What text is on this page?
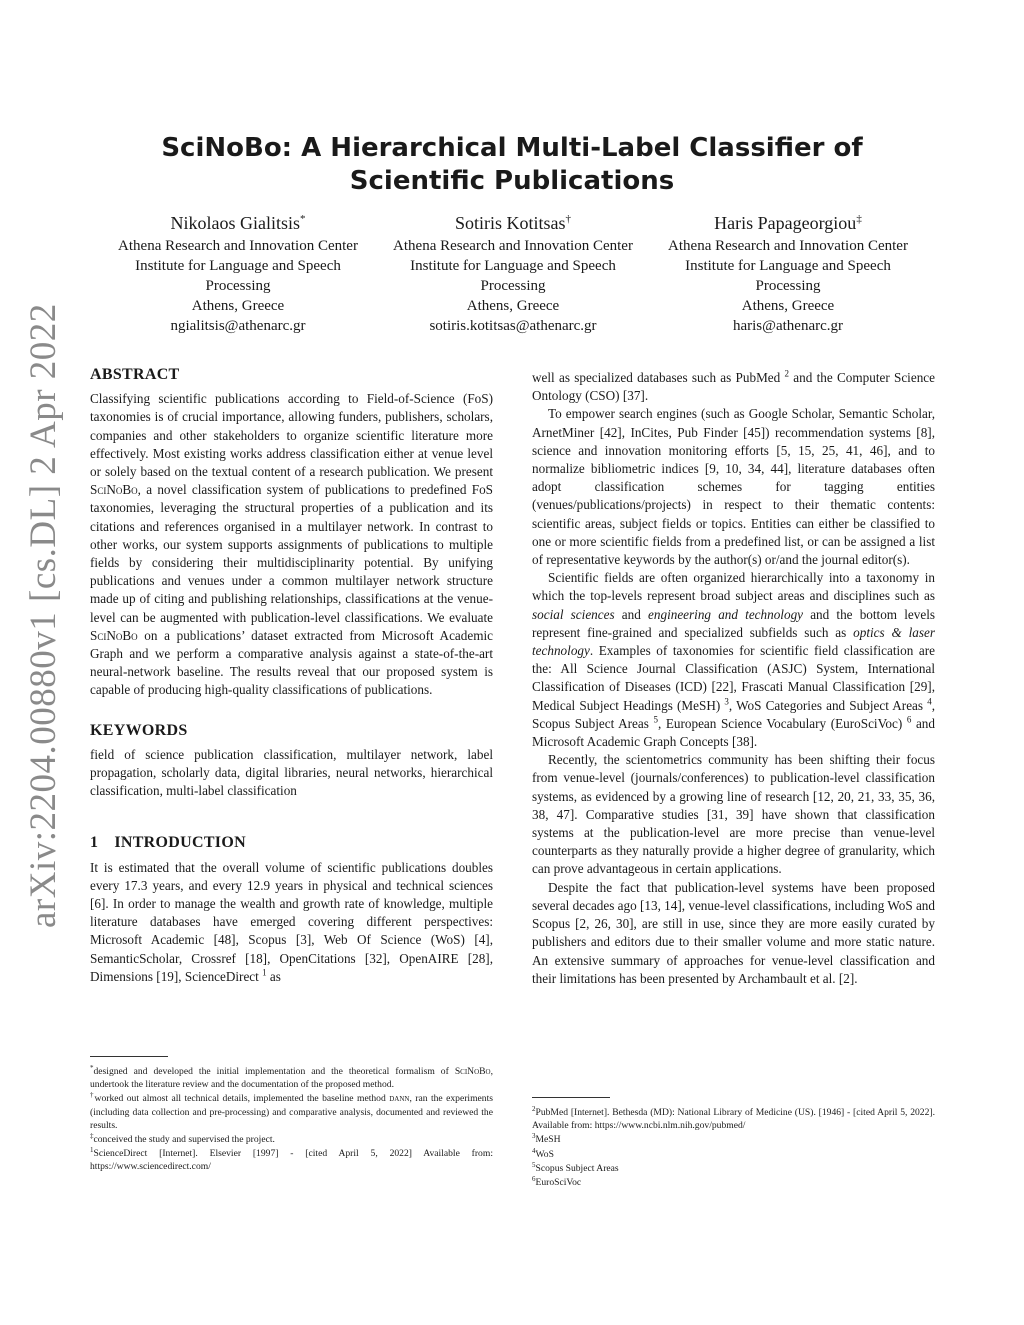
arXiv:2204.00880v1 [cs.DL] 2 Apr 2022
SciNoBo: A Hierarchical Multi-Label Classifier of Scientific Publications
Nikolaos Gialitsis*
Athena Research and Innovation Center
Institute for Language and Speech Processing
Athens, Greece
ngialitsis@athenarc.gr
Sotiris Kotitsas†
Athena Research and Innovation Center
Institute for Language and Speech Processing
Athens, Greece
sotiris.kotitsas@athenarc.gr
Haris Papageorgiou‡
Athena Research and Innovation Center
Institute for Language and Speech Processing
Athens, Greece
haris@athenarc.gr
ABSTRACT

Classifying scientific publications according to Field-of-Science (FoS) taxonomies is of crucial importance, allowing funders, publishers, scholars, companies and other stakeholders to organize scientific literature more effectively. Most existing works address classification either at venue level or solely based on the textual content of a research publication. We present SciNoBo, a novel classification system of publications to predefined FoS taxonomies, leveraging the structural properties of a publication and its citations and references organised in a multilayer network. In contrast to other works, our system supports assignments of publications to multiple fields by considering their multidisciplinarity potential. By unifying publications and venues under a common multilayer network structure made up of citing and publishing relationships, classifications at the venue-level can be augmented with publication-level classifications. We evaluate SciNoBo on a publications’ dataset extracted from Microsoft Academic Graph and we perform a comparative analysis against a state-of-the-art neural-network baseline. The results reveal that our proposed system is capable of producing high-quality classifications of publications.

KEYWORDS

field of science publication classification, multilayer network, label propagation, scholarly data, digital libraries, neural networks, hierarchical classification, multi-label classification

1 INTRODUCTION

It is estimated that the overall volume of scientific publications doubles every 17.3 years, and every 12.9 years in physical and technical sciences [6]. In order to manage the wealth and growth rate of knowledge, multiple literature databases have emerged covering different perspectives: Microsoft Academic [48], Scopus [3], Web Of Science (WoS) [4], SemanticScholar, Crossref [18], OpenCitations [32], OpenAIRE [28], Dimensions [19], ScienceDirect $^1$ as

*designed and developed the initial implementation and the theoretical formalism of SciNoBo, undertook the literature review and the documentation of the proposed method.

†worked out almost all technical details, implemented the baseline method dann, ran the experiments (including data collection and pre-processing) and comparative analysis, documented and reviewed the results.

‡conceived the study and supervised the project.

$^1$ScienceDirect [Internet]. Elsevier [1997] - [cited April 5, 2022] Available from: https://www.sciencedirect.com/

well as specialized databases such as PubMed $^2$ and the Computer Science Ontology (CSO) [37].

To empower search engines (such as Google Scholar, Semantic Scholar, ArnetMiner [42], InCites, Pub Finder [45]) recommendation systems [8], science and innovation monitoring efforts [5, 15, 25, 41, 46], and to normalize bibliometric indices [9, 10, 34, 44], literature databases often adopt classification schemes for tagging entities (venues/publications/projects) in respect to their thematic contents: scientific areas, subject fields or topics. Entities can either be classified to one or more scientific fields from a predefined list, or can be assigned a list of representative keywords by the author(s) or/and the journal editor(s).

Scientific fields are often organized hierarchically into a taxonomy in which the top-levels represent broad subject areas and disciplines such as social sciences and engineering and technology and the bottom levels represent fine-grained and specialized subfields such as optics & laser technology. Examples of taxonomies for scientific field classification are the: All Science Journal Classification (ASJC) System, International Classification of Diseases (ICD) [22], Frascati Manual Classification [29], Medical Subject Headings (MeSH) $^3$, WoS Categories and Subject Areas $^4$, Scopus Subject Areas $^5$, European Science Vocabulary (EuroSciVoc) $^6$ and Microsoft Academic Graph Concepts [38].

Recently, the scientometrics community has been shifting their focus from venue-level (journals/conferences) to publication-level classification systems, as evidenced by a growing line of research [12, 20, 21, 33, 35, 36, 38, 47]. Comparative studies [31, 39] have shown that classification systems at the publication-level are more precise than venue-level counterparts as they naturally provide a higher degree of granularity, which can prove advantageous in certain applications.

Despite the fact that publication-level systems have been proposed several decades ago [13, 14], venue-level classifications, including WoS and Scopus [2, 26, 30], are still in use, since they are more easily curated by publishers and editors due to their smaller volume and more static nature. An extensive summary of approaches for venue-level classification and their limitations has been presented by Archambault et al. [2].

$^2$PubMed [Internet]. Bethesda (MD): National Library of Medicine (US). [1946] - [cited April 5, 2022]. Available from: https://www.ncbi.nlm.nih.gov/pubmed/

$^3$MeSH

$^4$WoS

$^5$Scopus Subject Areas

$^6$EuroSciVoc
